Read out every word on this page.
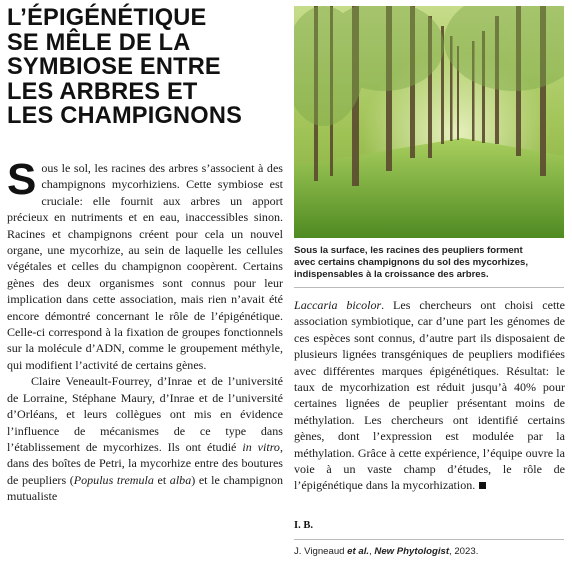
L’ÉPIGÉNÉTIQUE
SE MÊLE DE LA
SYMBIOSE ENTRE
LES ARBRES ET
LES CHAMPIGNONS

Sous le sol, les racines des arbres s’associent à des champignons mycorhiziens. Cette symbiose est cruciale: elle fournit aux arbres un apport précieux en nutriments et en eau, inaccessibles sinon. Racines et champignons créent pour cela un nouvel organe, une mycorhize, au sein de laquelle les cellules végétales et celles du champignon coopèrent. Certains gènes des deux organismes sont connus pour leur implication dans cette association, mais rien n’avait été encore démontré concernant le rôle de l’épigénétique. Celle-ci correspond à la fixation de groupes fonctionnels sur la molécule d’ADN, comme le groupement méthyle, qui modifient l’activité de certains gènes.

Claire Veneault-Fourrey, d’Inrae et de l’université de Lorraine, Stéphane Maury, d’Inrae et de l’université d’Orléans, et leurs collègues ont mis en évidence l’influence de mécanismes de ce type dans l’établissement de mycorhizes. Ils ont étudié in vitro, dans des boîtes de Petri, la mycorhize entre des boutures de peupliers (Populus tremula et alba) et le champignon mutualiste

Sous la surface, les racines des peupliers forment
avec certains champignons du sol des mycorhizes,
indispensables à la croissance des arbres.

Laccaria bicolor. Les chercheurs ont choisi cette association symbiotique, car d’une part les génomes de ces espèces sont connus, d’autre part ils disposaient de plusieurs lignées transgéniques de peupliers modifiées avec différentes marques épigénétiques. Résultat: le taux de mycorhization est réduit jusqu’à 40% pour certaines lignées de peuplier présentant moins de méthylation. Les chercheurs ont identifié certains gènes, dont l’expression est modulée par la méthylation. Grâce à cette expérience, l’équipe ouvre la voie à un vaste champ d’études, le rôle de l’épigénétique dans la mycorhization.

I. B.
J. Vigneaud et al., New Phytologist, 2023.
